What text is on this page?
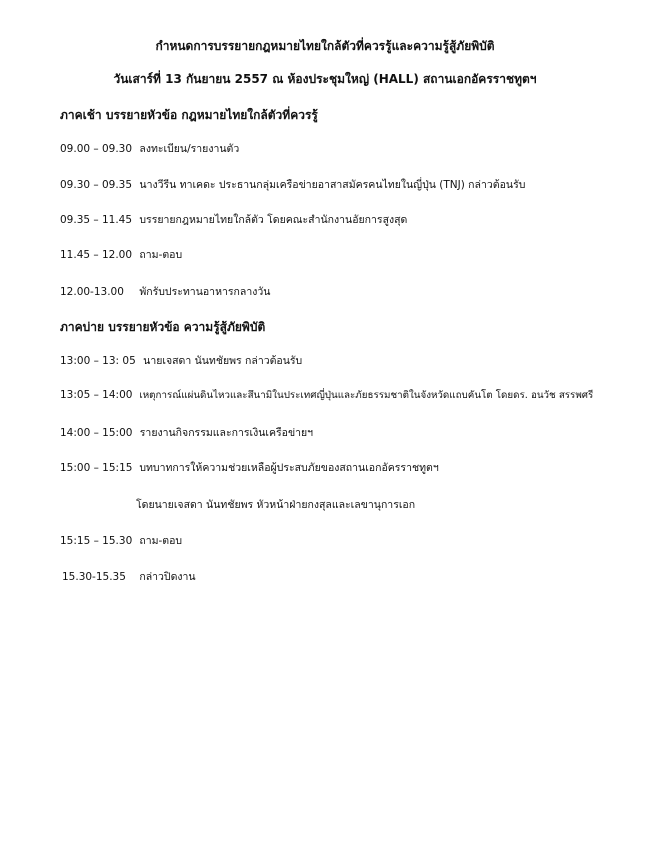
กำหนดการบรรยายกฎหมายไทยใกล้ตัวที่ควรรู้และความรู้สู้ภัยพิบัติ
วันเสาร์ที่ 13 กันยายน 2557 ณ ห้องประชุมใหญ่ (HALL) สถานเอกอัครราชทูตฯ
ภาคเช้า บรรยายหัวข้อ กฎหมายไทยใกล้ตัวที่ควรรู้
09.00 – 09.30 ลงทะเบียน/รายงานตัว
09.30 – 09.35 นางวีรีน ทาเคดะ ประธานกลุ่มเครือข่ายอาสาสมัครคนไทยในญี่ปุ่น (TNJ) กล่าวต้อนรับ
09.35 – 11.45 บรรยายกฎหมายไทยใกล้ตัว โดยคณะสำนักงานอัยการสูงสุด
11.45 – 12.00 ถาม-ตอบ
12.00-13.00 พักรับประทานอาหารกลางวัน
ภาคบ่าย บรรยายหัวข้อ ความรู้สู้ภัยพิบัติ
13:00 – 13: 05 นายเจสดา นันทชัยพร กล่าวต้อนรับ
13:05 – 14:00 เหตุการณ์แผ่นดินไหวและสึนามิในประเทศญี่ปุ่นและภัยธรรมชาติในจังหวัดแถบคันโต โดยดร. อนวัช สรรพศรี
14:00 – 15:00 รายงานกิจกรรมและการเงินเครือข่ายฯ
15:00 – 15:15 บทบาทการให้ความช่วยเหลือผู้ประสบภัยของสถานเอกอัครราชทูตฯ
โดยนายเจสดา นันทชัยพร หัวหน้าฝ่ายกงสุลและเลขานุการเอก
15:15 – 15.30 ถาม-ตอบ
15.30-15.35 กล่าวปิดงาน
